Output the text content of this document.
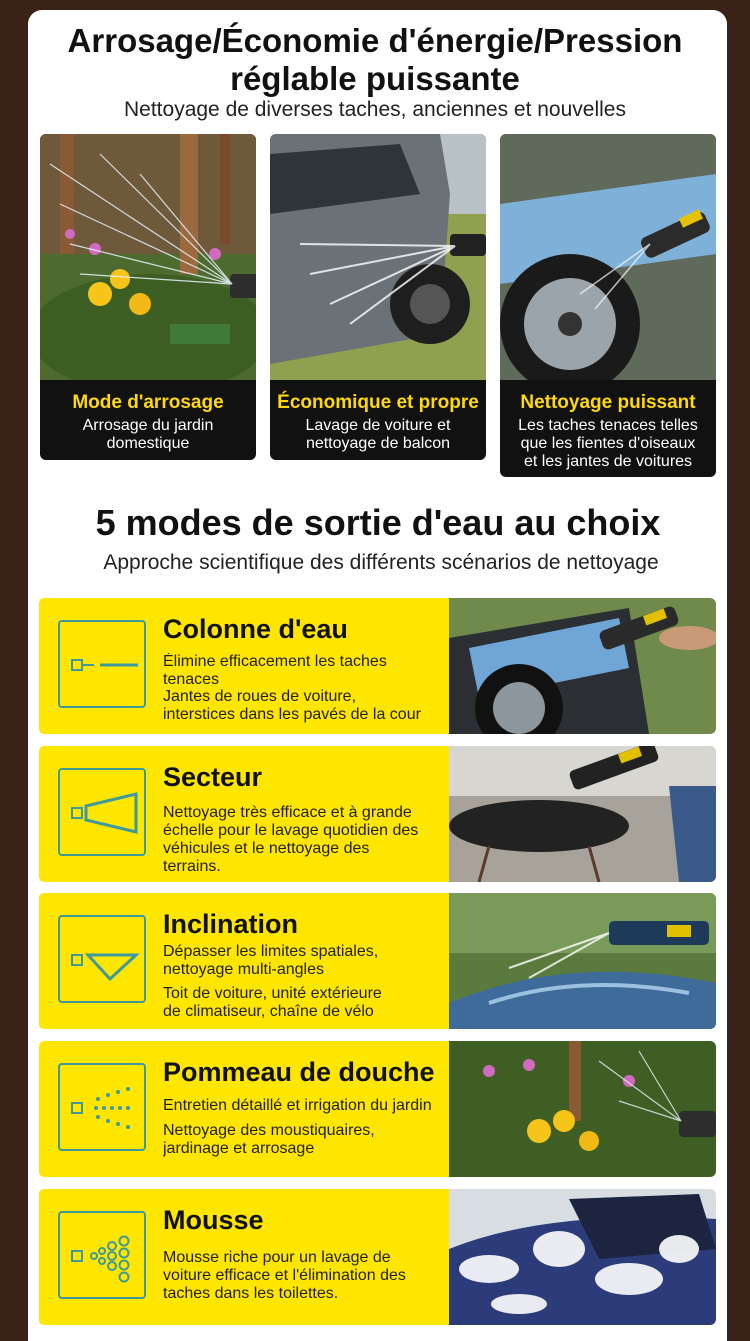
Arrosage/Économie d'énergie/Pression réglable puissante
Nettoyage de diverses taches, anciennes et nouvelles
Mode d'arrosage
Arrosage du jardin
domestique
Économique et propre
Lavage de voiture et
nettoyage de balcon
Nettoyage puissant
Les taches tenaces telles
que les fientes d'oiseaux
et les jantes de voitures
5 modes de sortie d'eau au choix
Approche scientifique des différents scénarios de nettoyage
Colonne d'eau
Élimine efficacement les taches
tenaces
Jantes de roues de voiture,
interstices dans les pavés de la cour
Secteur
Nettoyage très efficace et à grande
échelle pour le lavage quotidien des
véhicules et le nettoyage des
terrains.
Inclination
Dépasser les limites spatiales,
nettoyage multi-angles
Toit de voiture, unité extérieure
de climatiseur, chaîne de vélo
Pommeau de douche
Entretien détaillé et irrigation du jardin
Nettoyage des moustiquaires,
jardinage et arrosage
Mousse
Mousse riche pour un lavage de
voiture efficace et l'élimination des
taches dans les toilettes.
